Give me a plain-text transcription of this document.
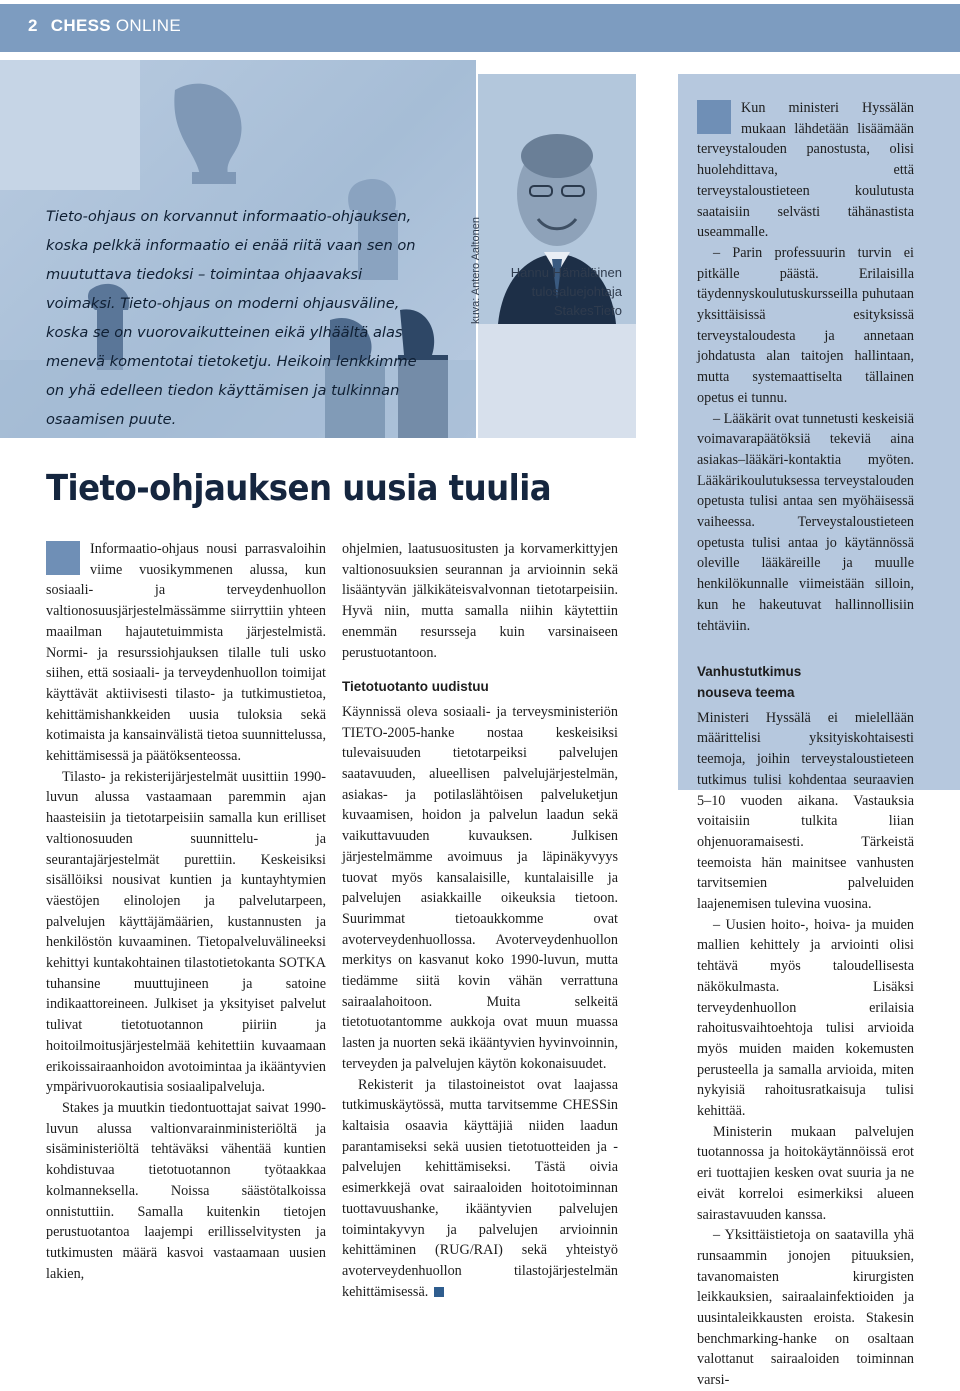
2 CHESS ONLINE
Tieto-ohjaus on korvannut informaatio-ohjauksen, koska pelkkä informaatio ei enää riitä vaan sen on muututtava tiedoksi – toimintaa ohjaavaksi voimaksi. Tieto-ohjaus on moderni ohjausväline, koska se on vuorovaikutteinen eikä ylhäältä alas menevä komentotai tietoketju. Heikoin lenkkimme on yhä edelleen tiedon käyttämisen ja tulkinnan osaamisen puute.
kuva: Antero Aaltonen	Hannu Hämäläinen
tulosaluejohtaja
StakesTieto
Tieto-ohjauksen uusia tuulia

Informaatio-ohjaus nousi parrasvaloihin viime vuosikymmenen alussa, kun sosiaali- ja terveydenhuollon valtionosuusjärjestelmässämme siirryttiin yhteen maailman hajautetuimmista järjestelmistä. Normi- ja resurssiohjauksen tilalle tuli usko siihen, että sosiaali- ja terveydenhuollon toimijat käyttävät aktiivisesti tilasto- ja tutkimustietoa, kehittämishankkeiden uusia tuloksia sekä kotimaista ja kansainvälistä tietoa suunnittelussa, kehittämisessä ja päätöksenteossa.

Tilasto- ja rekisterijärjestelmät uusittiin 1990-luvun alussa vastaamaan paremmin ajan haasteisiin ja tietotarpeisiin samalla kun erilliset valtionosuuden suunnittelu- ja seurantajärjestelmät purettiin. Keskeisiksi sisällöiksi nousivat kuntien ja kuntayhtymien väestöjen elinolojen ja palvelutarpeen, palvelujen käyttäjämäärien, kustannusten ja henkilöstön kuvaaminen. Tietopalveluvälineeksi kehittyi kuntakohtainen tilastotietokanta SOTKA tuhansine muuttujineen ja satoine indikaattoreineen. Julkiset ja yksityiset palvelut tulivat tietotuotannon piiriin ja hoitoilmoitusjärjestelmää kehitettiin kuvaamaan erikoissairaanhoidon avotoimintaa ja ikääntyvien ympärivuorokautisia sosiaalipalveluja.

Stakes ja muutkin tiedontuottajat saivat 1990-luvun alussa valtionvarainministeriöltä ja sisäministeriöltä tehtäväksi vähentää kuntien kohdistuvaa tietotuotannon työtaakkaa kolmanneksella. Noissa säästötalkoissa onnistuttiin. Samalla kuitenkin tietojen perustuotantoa laajempi erillisselvitysten ja tutkimusten määrä kasvoi vastaamaan uusien lakien,

ohjelmien, laatusuositusten ja korvamerkittyjen valtionosuuksien seurannan ja arvioinnin sekä lisääntyvän jälkikäteisvalvonnan tietotarpeisiin. Hyvä niin, mutta samalla niihin käytettiin enemmän resursseja kuin varsinaiseen perustuotantoon.

Tietotuotanto uudistuu

Käynnissä oleva sosiaali- ja terveysministeriön TIETO-2005-hanke nostaa keskeisiksi tulevaisuuden tietotarpeiksi palvelujen saatavuuden, alueellisen palvelujärjestelmän, asiakas- ja potilaslähtöisen palveluketjun kuvaamisen, hoidon ja palvelun laadun sekä vaikuttavuuden kuvauksen. Julkisen järjestelmämme avoimuus ja läpinäkyvyys tuovat myös kansalaisille, kuntalaisille ja palvelujen asiakkaille oikeuksia tietoon. Suurimmat tietoaukkomme ovat avoterveydenhuollossa. Avoterveydenhuollon merkitys on kasvanut koko 1990-luvun, mutta tiedämme siitä kovin vähän verrattuna sairaalahoitoon. Muita selkeitä tietotuotantomme aukkoja ovat muun muassa lasten ja nuorten sekä ikääntyvien hyvinvoinnin, terveyden ja palvelujen käytön kokonaisuudet.

Rekisterit ja tilastoineistot ovat laajassa tutkimuskäytössä, mutta tarvitsemme CHESSin kaltaisia osaavia käyttäjiä niiden laadun parantamiseksi sekä uusien tietotuotteiden ja -palvelujen kehittämiseksi. Tästä oivia esimerkkejä ovat sairaaloiden hoitotoiminnan tuottavuushanke, ikääntyvien palvelujen toimintakyvyn ja palvelujen arvioinnin kehittäminen (RUG/RAI) sekä yhteistyö avoterveydenhuollon tilastojärjestelmän kehittämisessä.

Kun ministeri Hyssälän mukaan lähdetään lisäämään terveystalouden panostusta, olisi huolehdittava, että terveystaloustieteen koulutusta saataisiin selvästi tähänastista useammalle.

– Parin professuurin turvin ei pitkälle päästä. Erilaisilla täydennyskoulutuskursseilla puhutaan yksittäisissä esityksissä terveystaloudesta ja annetaan johdatusta alan taitojen hallintaan, mutta systemaattiselta tällainen opetus ei tunnu.

– Lääkärit ovat tunnetusti keskeisiä voimavarapäätöksiä tekeviä aina asiakas–lääkäri-kontaktia myöten. Lääkärikoulutuksessa terveystalouden opetusta tulisi antaa sen myöhäisessä vaiheessa. Terveystaloustieteen opetusta tulisi antaa jo käytännössä oleville lääkäreille ja muulle henkilökunnalle viimeistään silloin, kun he hakeutuvat hallinnollisiin tehtäviin.

Vanhustutkimus
nouseva teema

Ministeri Hyssälä ei mielellään määrittelisi yksityiskohtaisesti teemoja, joihin terveystaloustieteen tutkimus tulisi kohdentaa seuraavien 5–10 vuoden aikana. Vastauksia voitaisiin tulkita liian ohjenuoramaisesti. Tärkeistä teemoista hän mainitsee vanhusten tarvitsemien palveluiden laajenemisen tulevina vuosina.

– Uusien hoito-, hoiva- ja muiden mallien kehittely ja arviointi olisi tehtävä myös taloudellisesta näkökulmasta. Lisäksi terveydenhuollon erilaisia rahoitusvaihtoehtoja tulisi arvioida myös muiden maiden kokemusten perusteella ja samalla arvioida, miten nykyisiä rahoitusratkaisuja tulisi kehittää.

Ministerin mukaan palvelujen tuotannossa ja hoitokäytännöissä erot eri tuottajien kesken ovat suuria ja ne eivät korreloi esimerkiksi alueen sairastavuuden kanssa.

– Yksittäistietoja on saatavilla yhä runsaammin jonojen pituuksien, tavanomaisten kirurgisten leikkauksien, sairaalainfektioiden ja uusintaleikkausten eroista. Stakesin benchmarking-hanke on osaltaan valottanut sairaaloiden toiminnan varsi-
